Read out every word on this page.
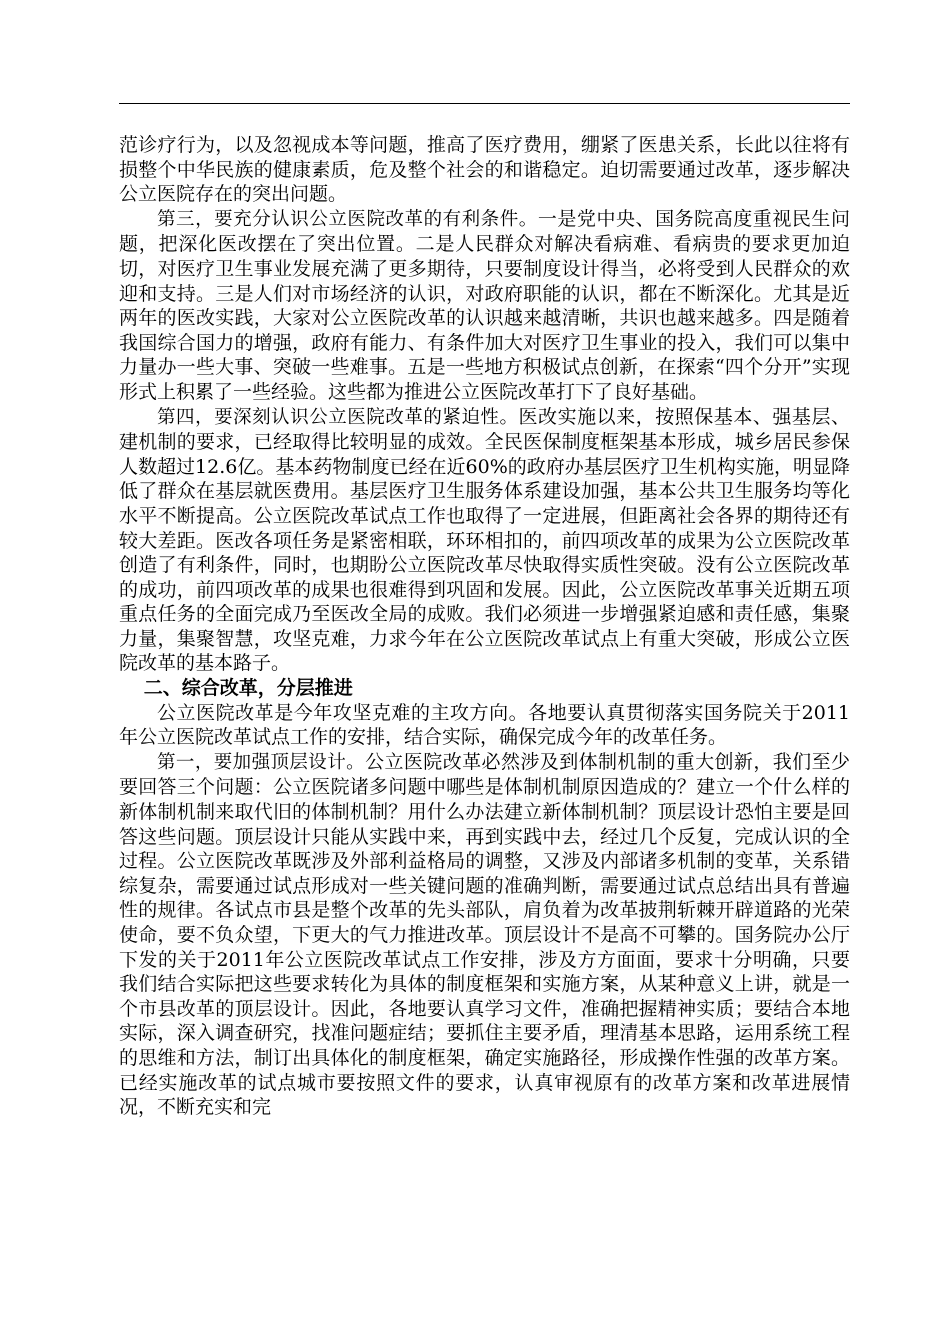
范诊疗行为，以及忽视成本等问题，推高了医疗费用，绷紧了医患关系，长此以往将有损整个中华民族的健康素质，危及整个社会的和谐稳定。迫切需要通过改革，逐步解决公立医院存在的突出问题。

第三，要充分认识公立医院改革的有利条件。一是党中央、国务院高度重视民生问题，把深化医改摆在了突出位置。二是人民群众对解决看病难、看病贵的要求更加迫切，对医疗卫生事业发展充满了更多期待，只要制度设计得当，必将受到人民群众的欢迎和支持。三是人们对市场经济的认识，对政府职能的认识，都在不断深化。尤其是近两年的医改实践，大家对公立医院改革的认识越来越清晰，共识也越来越多。四是随着我国综合国力的增强，政府有能力、有条件加大对医疗卫生事业的投入，我们可以集中力量办一些大事、突破一些难事。五是一些地方积极试点创新，在探索“四个分开”实现形式上积累了一些经验。这些都为推进公立医院改革打下了良好基础。

第四，要深刻认识公立医院改革的紧迫性。医改实施以来，按照保基本、强基层、建机制的要求，已经取得比较明显的成效。全民医保制度框架基本形成，城乡居民参保人数超过12.6亿。基本药物制度已经在近60%的政府办基层医疗卫生机构实施，明显降低了群众在基层就医费用。基层医疗卫生服务体系建设加强，基本公共卫生服务均等化水平不断提高。公立医院改革试点工作也取得了一定进展，但距离社会各界的期待还有较大差距。医改各项任务是紧密相联，环环相扣的，前四项改革的成果为公立医院改革创造了有利条件，同时，也期盼公立医院改革尽快取得实质性突破。没有公立医院改革的成功，前四项改革的成果也很难得到巩固和发展。因此，公立医院改革事关近期五项重点任务的全面完成乃至医改全局的成败。我们必须进一步增强紧迫感和责任感，集聚力量，集聚智慧，攻坚克难，力求今年在公立医院改革试点上有重大突破，形成公立医院改革的基本路子。

二、综合改革，分层推进

公立医院改革是今年攻坚克难的主攻方向。各地要认真贯彻落实国务院关于2011年公立医院改革试点工作的安排，结合实际，确保完成今年的改革任务。

第一，要加强顶层设计。公立医院改革必然涉及到体制机制的重大创新，我们至少要回答三个问题：公立医院诸多问题中哪些是体制机制原因造成的？建立一个什么样的新体制机制来取代旧的体制机制？用什么办法建立新体制机制？顶层设计恐怕主要是回答这些问题。顶层设计只能从实践中来，再到实践中去，经过几个反复，完成认识的全过程。公立医院改革既涉及外部利益格局的调整，又涉及内部诸多机制的变革，关系错综复杂，需要通过试点形成对一些关键问题的准确判断，需要通过试点总结出具有普遍性的规律。各试点市县是整个改革的先头部队，肩负着为改革披荆斩棘开辟道路的光荣使命，要不负众望，下更大的气力推进改革。顶层设计不是高不可攀的。国务院办公厅下发的关于2011年公立医院改革试点工作安排，涉及方方面面，要求十分明确，只要我们结合实际把这些要求转化为具体的制度框架和实施方案，从某种意义上讲，就是一个市县改革的顶层设计。因此，各地要认真学习文件，准确把握精神实质；要结合本地实际，深入调查研究，找准问题症结；要抓住主要矛盾，理清基本思路，运用系统工程的思维和方法，制订出具体化的制度框架，确定实施路径，形成操作性强的改革方案。已经实施改革的试点城市要按照文件的要求，认真审视原有的改革方案和改革进展情况，不断充实和完
